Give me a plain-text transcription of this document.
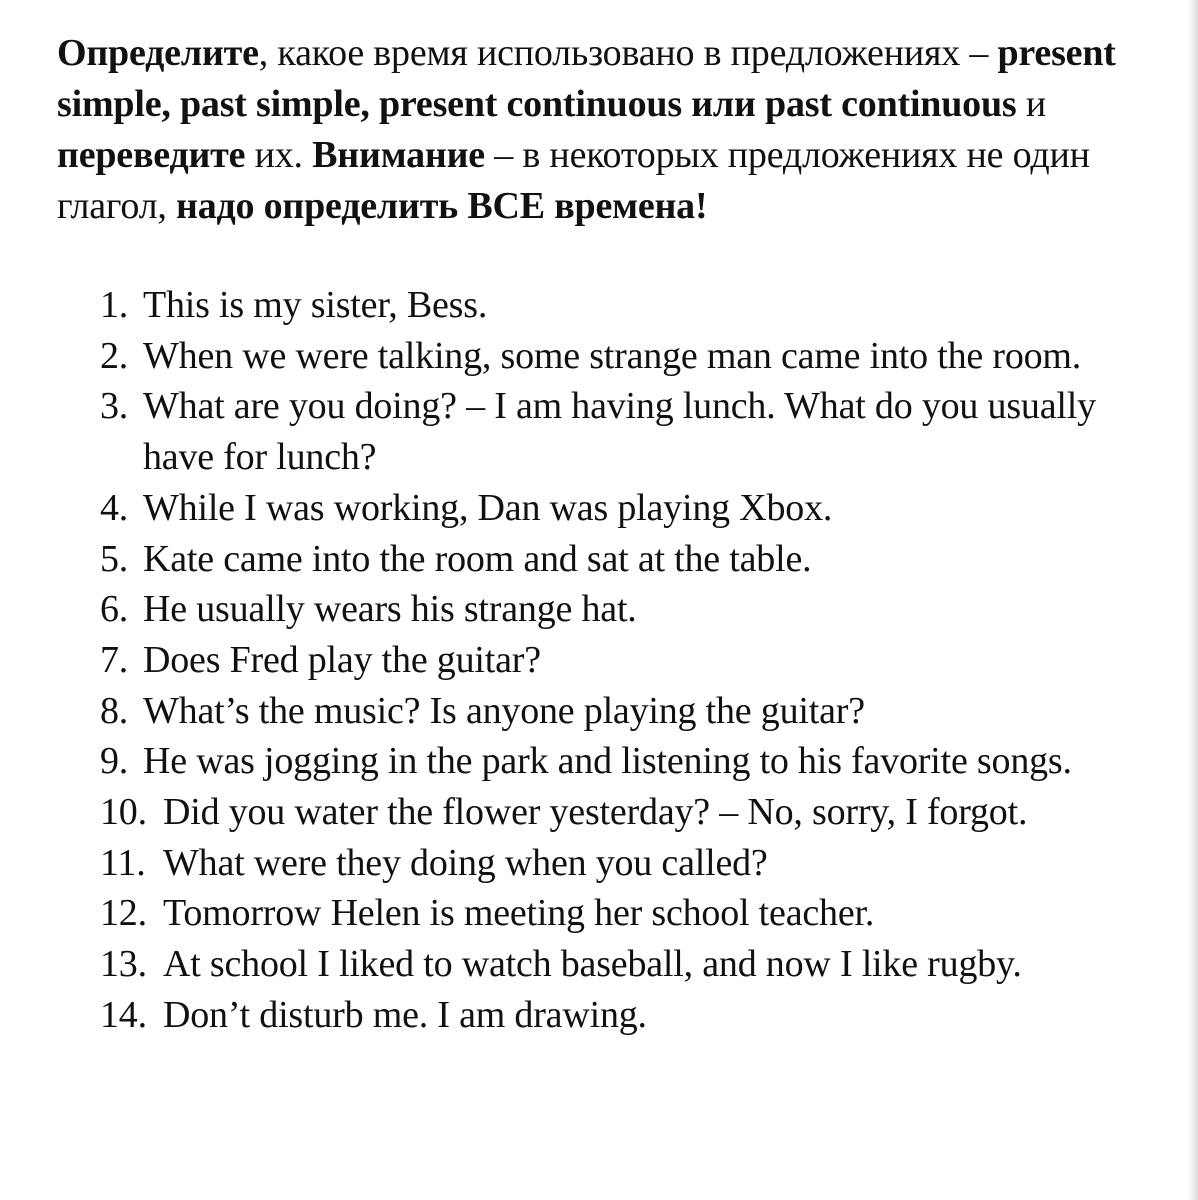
Определите, какое время использовано в предложениях – present simple, past simple, present continuous или past continuous и переведите их. Внимание – в некоторых предложениях не один глагол, надо определить ВСЕ времена!
1. This is my sister, Bess.
2. When we were talking, some strange man came into the room.
3. What are you doing? – I am having lunch. What do you usually have for lunch?
4. While I was working, Dan was playing Xbox.
5. Kate came into the room and sat at the table.
6. He usually wears his strange hat.
7. Does Fred play the guitar?
8. What’s the music? Is anyone playing the guitar?
9. He was jogging in the park and listening to his favorite songs.
10. Did you water the flower yesterday? – No, sorry, I forgot.
11. What were they doing when you called?
12. Tomorrow Helen is meeting her school teacher.
13. At school I liked to watch baseball, and now I like rugby.
14. Don’t disturb me. I am drawing.
